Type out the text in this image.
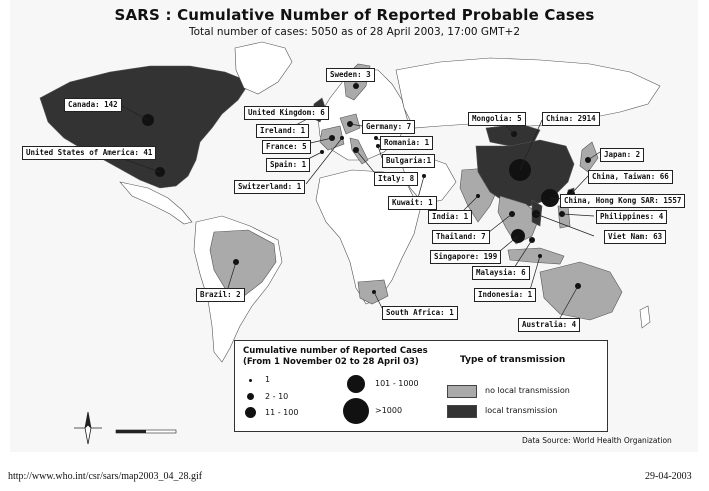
SARS : Cumulative Number of Reported Probable Cases
Total number of cases: 5050 as of 28 April 2003, 17:00 GMT+2
Canada: 142
United States of America: 41
Brazil: 2
United Kingdom: 6
Ireland: 1
France: 5
Spain: 1
Switzerland: 1
Sweden: 3
Germany: 7
Romania: 1
Bulgaria:1
Italy: 8
Kuwait: 1
South Africa: 1
Mongolia: 5	China: 2914
Japan: 2
China, Taiwan: 66
China, Hong Kong SAR: 1557
India: 1
Thailand: 7
Philippines: 4
Viet Nam: 63
Singapore: 199
Malaysia: 6
Indonesia: 1
Australia: 4
Cumulative number of Reported Cases
(From 1 November 02 to 28 April 03)
1
2 - 10
11 - 100
101 - 1000
>1000
Type of transmission
no local transmission
local transmission
Data Source: World Health Organization
http://www.who.int/csr/sars/map2003_04_28.gif	29-04-2003
